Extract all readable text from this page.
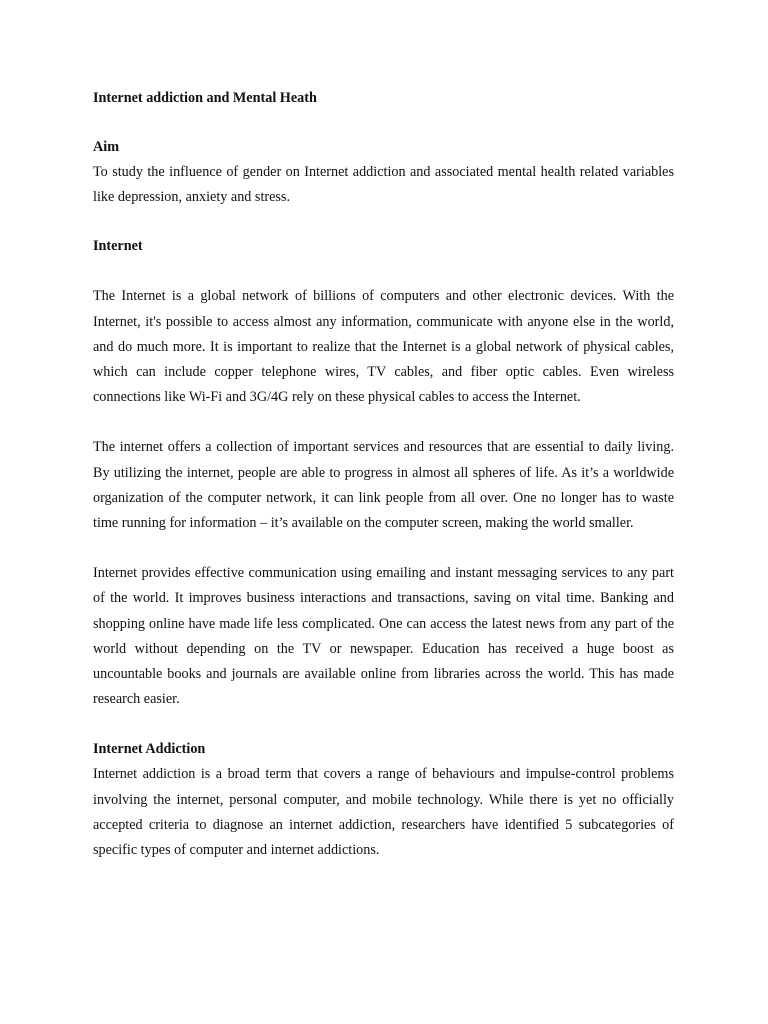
Internet addiction and Mental Heath
Aim

To study the influence of gender on Internet addiction and associated mental health related variables like depression, anxiety and stress.

Internet

The Internet is a global network of billions of computers and other electronic devices. With the Internet, it's possible to access almost any information, communicate with anyone else in the world, and do much more. It is important to realize that the Internet is a global network of physical cables, which can include copper telephone wires, TV cables, and fiber optic cables. Even wireless connections like Wi-Fi and 3G/4G rely on these physical cables to access the Internet.

The internet offers a collection of important services and resources that are essential to daily living. By utilizing the internet, people are able to progress in almost all spheres of life. As it’s a worldwide organization of the computer network, it can link people from all over. One no longer has to waste time running for information – it’s available on the computer screen, making the world smaller.

Internet provides effective communication using emailing and instant messaging services to any part of the world. It improves business interactions and transactions, saving on vital time. Banking and shopping online have made life less complicated. One can access the latest news from any part of the world without depending on the TV or newspaper. Education has received a huge boost as uncountable books and journals are available online from libraries across the world. This has made research easier.

Internet Addiction

Internet addiction is a broad term that covers a range of behaviours and impulse-control problems involving the internet, personal computer, and mobile technology. While there is yet no officially accepted criteria to diagnose an internet addiction, researchers have identified 5 subcategories of specific types of computer and internet addictions.
